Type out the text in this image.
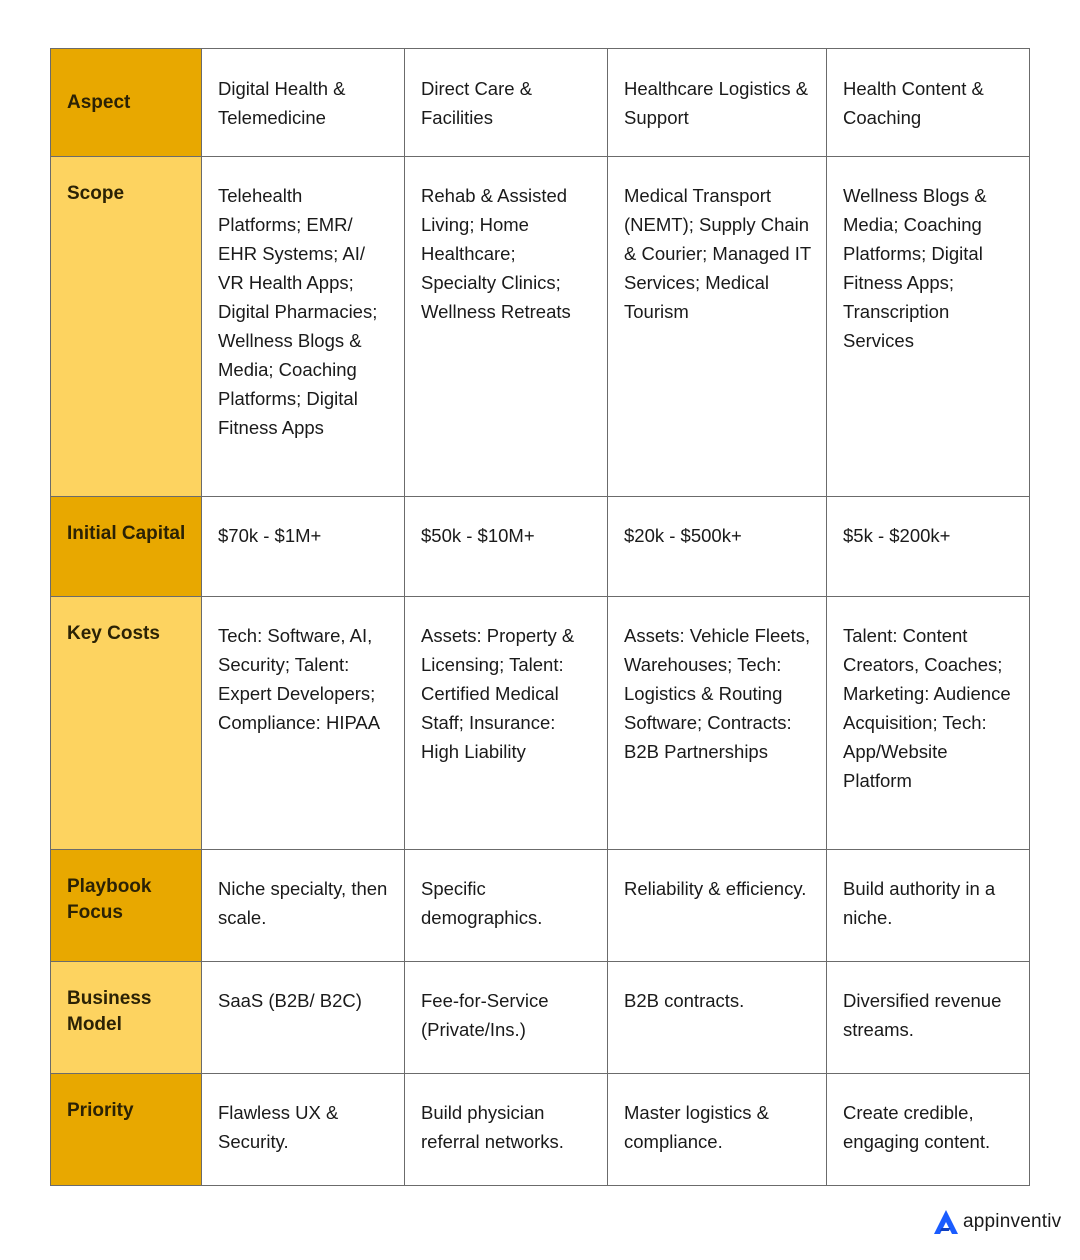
Aspect	Digital Health & Telemedicine	Direct Care & Facilities	Healthcare Logistics & Support	Health Content & Coaching
Scope	Telehealth Platforms; EMR/ EHR Systems; AI/ VR Health Apps; Digital Pharmacies; Wellness Blogs & Media; Coaching Platforms; Digital Fitness Apps	Rehab & Assisted Living; Home Healthcare; Specialty Clinics; Wellness Retreats	Medical Transport (NEMT); Supply Chain & Courier; Managed IT Services; Medical Tourism	Wellness Blogs & Media; Coaching Platforms; Digital Fitness Apps; Transcription Services
Initial Capital	$70k - $1M+	$50k - $10M+	$20k - $500k+	$5k - $200k+
Key Costs	Tech: Software, AI, Security; Talent: Expert Developers; Compliance: HIPAA	Assets: Property & Licensing; Talent: Certified Medical Staff; Insurance: High Liability	Assets: Vehicle Fleets, Warehouses; Tech: Logistics & Routing Software; Contracts: B2B Partnerships	Talent: Content Creators, Coaches; Marketing: Audience Acquisition; Tech: App/Website Platform
Playbook Focus	Niche specialty, then scale.	Specific demographics.	Reliability & efficiency.	Build authority in a niche.
Business Model	SaaS (B2B/ B2C)	Fee-for-Service (Private/Ins.)	B2B contracts.	Diversified revenue streams.
Priority	Flawless UX & Security.	Build physician referral networks.	Master logistics & compliance.	Create credible, engaging content.
appinventiv
